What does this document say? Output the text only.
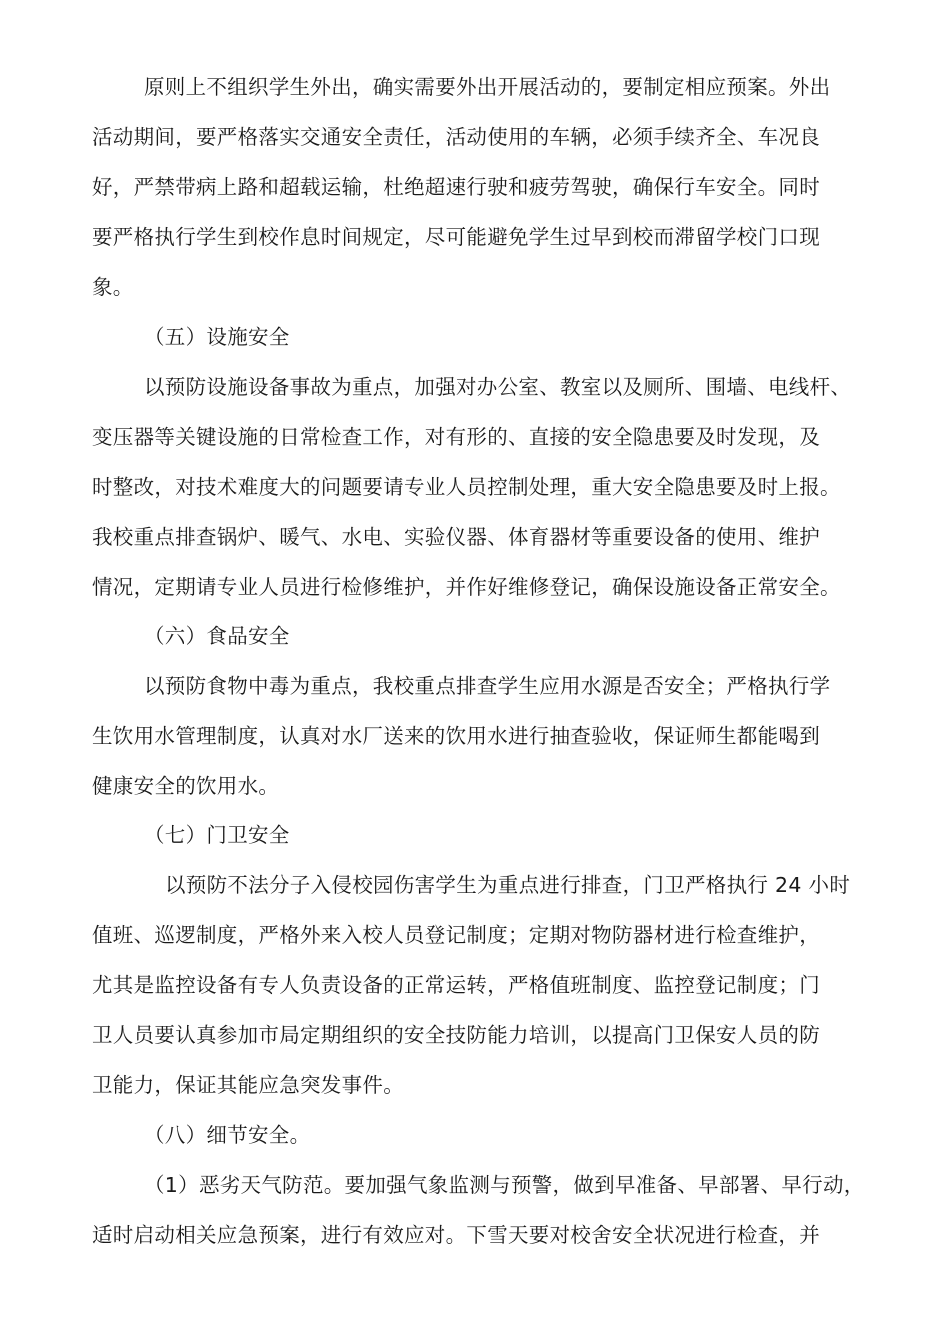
原则上不组织学生外出，确实需要外出开展活动的，要制定相应预案。外出
活动期间，要严格落实交通安全责任，活动使用的车辆，必须手续齐全、车况良
好，严禁带病上路和超载运输，杜绝超速行驶和疲劳驾驶，确保行车安全。同时
要严格执行学生到校作息时间规定，尽可能避免学生过早到校而滞留学校门口现
象。
（五）设施安全
以预防设施设备事故为重点，加强对办公室、教室以及厕所、围墙、电线杆、
变压器等关键设施的日常检查工作，对有形的、直接的安全隐患要及时发现，及
时整改，对技术难度大的问题要请专业人员控制处理，重大安全隐患要及时上报。
我校重点排查锅炉、暖气、水电、实验仪器、体育器材等重要设备的使用、维护
情况，定期请专业人员进行检修维护，并作好维修登记，确保设施设备正常安全。
（六）食品安全
以预防食物中毒为重点，我校重点排查学生应用水源是否安全；严格执行学
生饮用水管理制度，认真对水厂送来的饮用水进行抽查验收，保证师生都能喝到
健康安全的饮用水。
（七）门卫安全
以预防不法分子入侵校园伤害学生为重点进行排查，门卫严格执行 24 小时
值班、巡逻制度，严格外来入校人员登记制度；定期对物防器材进行检查维护，
尤其是监控设备有专人负责设备的正常运转，严格值班制度、监控登记制度；门
卫人员要认真参加市局定期组织的安全技防能力培训，以提高门卫保安人员的防
卫能力，保证其能应急突发事件。
（八）细节安全。
（1）恶劣天气防范。要加强气象监测与预警，做到早准备、早部署、早行动，
适时启动相关应急预案，进行有效应对。下雪天要对校舍安全状况进行检查，并
